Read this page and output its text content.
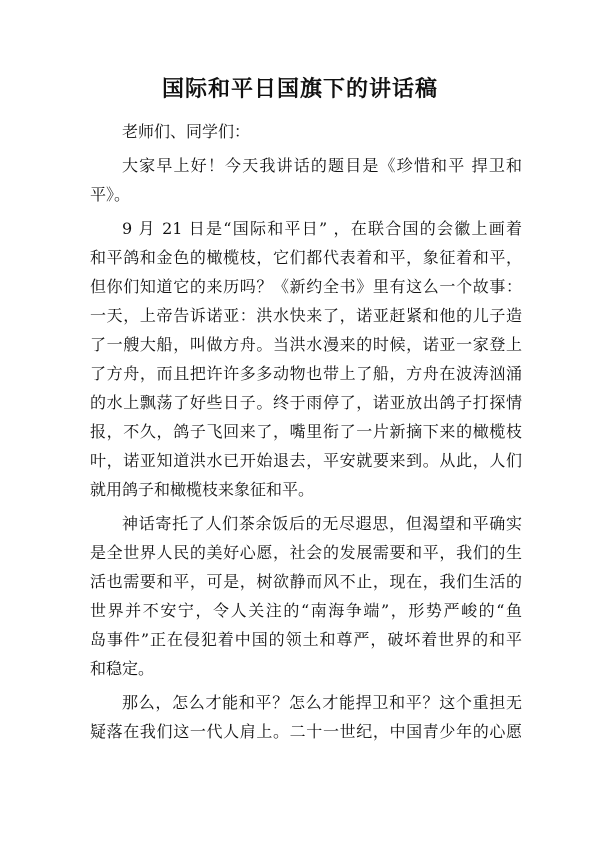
国际和平日国旗下的讲话稿

老师们、同学们：

大家早上好！今天我讲话的题目是《珍惜和平 捍卫和
平》。

9 月 21 日是“国际和平日” ，在联合国的会徽上画着
和平鸽和金色的橄榄枝，它们都代表着和平，象征着和平，
但你们知道它的来历吗？《新约全书》里有这么一个故事：
一天，上帝告诉诺亚：洪水快来了，诺亚赶紧和他的儿子造
了一艘大船，叫做方舟。当洪水漫来的时候，诺亚一家登上
了方舟，而且把许许多多动物也带上了船，方舟在波涛汹涌
的水上飘荡了好些日子。终于雨停了，诺亚放出鸽子打探情
报，不久，鸽子飞回来了，嘴里衔了一片新摘下来的橄榄枝
叶，诺亚知道洪水已开始退去，平安就要来到。从此，人们
就用鸽子和橄榄枝来象征和平。

神话寄托了人们茶余饭后的无尽遐思，但渴望和平确实
是全世界人民的美好心愿，社会的发展需要和平，我们的生
活也需要和平，可是，树欲静而风不止，现在，我们生活的
世界并不安宁，令人关注的“南海争端”，形势严峻的“鱼
岛事件”正在侵犯着中国的领土和尊严，破坏着世界的和平
和稳定。

那么，怎么才能和平？怎么才能捍卫和平？这个重担无
疑落在我们这一代人肩上。二十一世纪，中国青少年的心愿
